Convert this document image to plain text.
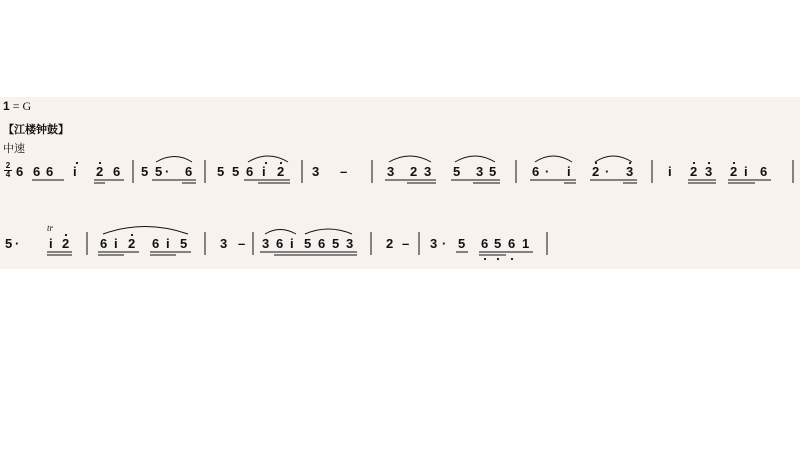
1 = G
【江楼钟鼓】
中速
2
4 6 6 6 i 2 6 5 5 · 6 5 5 6 i 2 3 –	3 2 3 5 3 5	6 · i 2 · 3	i 2 3 2 i 6
5 · i 2
tr
6 i 2 6 i 5	3 – 3 6 i 5 6 5 3	2 – 3 · 5 6 5 6 1
